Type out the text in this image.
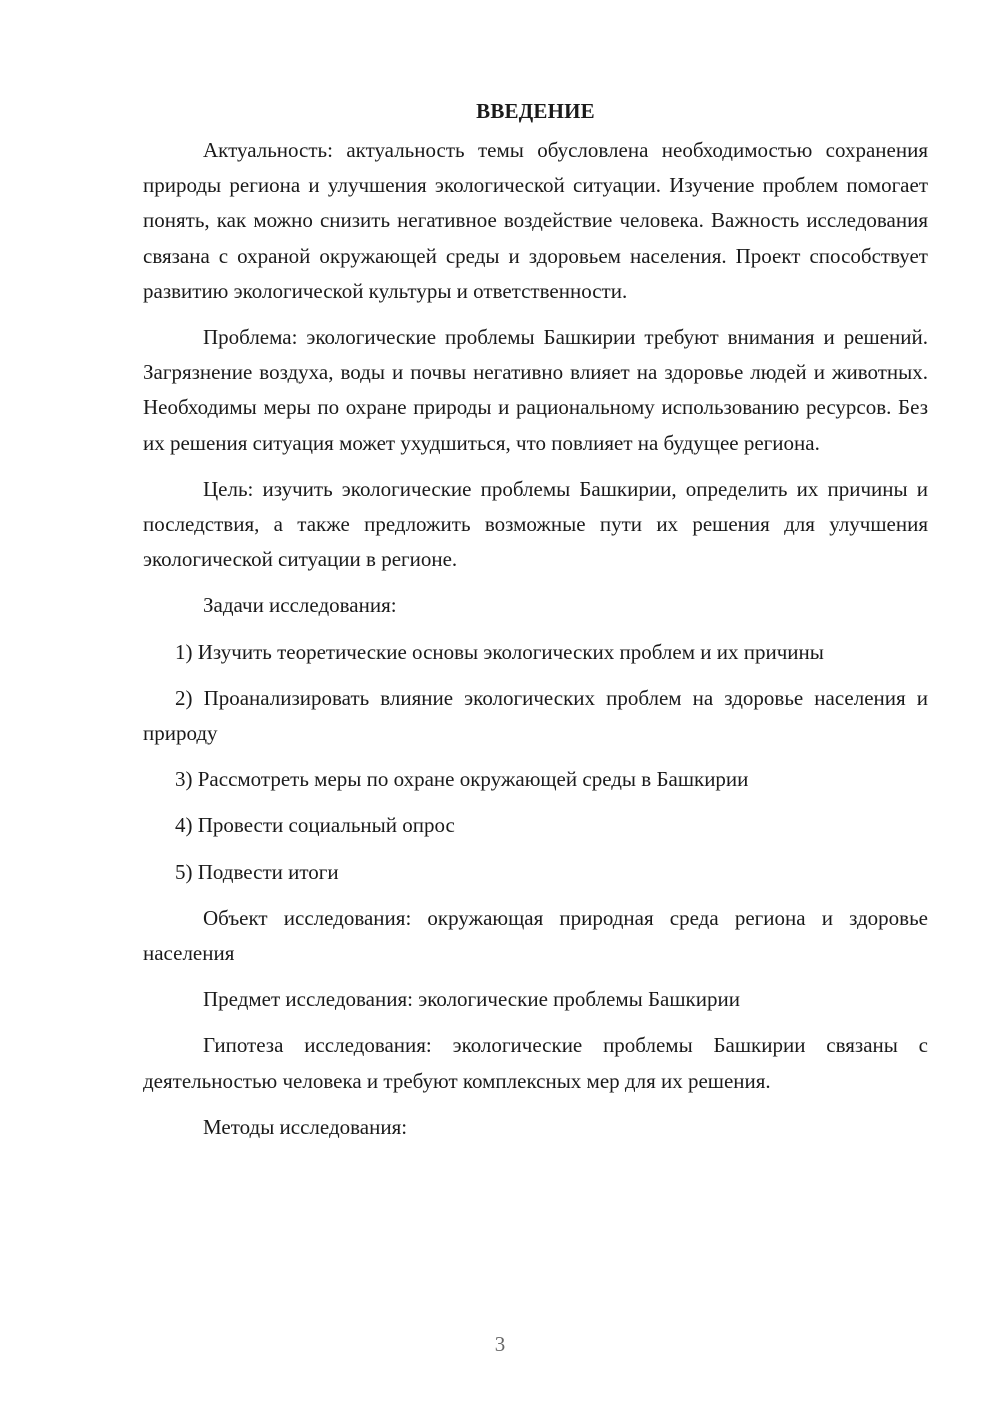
ВВЕДЕНИЕ

Актуальность: актуальность темы обусловлена необходимостью сохранения природы региона и улучшения экологической ситуации. Изучение проблем помогает понять, как можно снизить негативное воздействие человека. Важность исследования связана с охраной окружающей среды и здоровьем населения. Проект способствует развитию экологической культуры и ответственности.

Проблема: экологические проблемы Башкирии требуют внимания и решений. Загрязнение воздуха, воды и почвы негативно влияет на здоровье людей и животных. Необходимы меры по охране природы и рациональному использованию ресурсов. Без их решения ситуация может ухудшиться, что повлияет на будущее региона.

Цель: изучить экологические проблемы Башкирии, определить их причины и последствия, а также предложить возможные пути их решения для улучшения экологической ситуации в регионе.

Задачи исследования:

1) Изучить теоретические основы экологических проблем и их причины

2) Проанализировать влияние экологических проблем на здоровье населения и природу

3) Рассмотреть меры по охране окружающей среды в Башкирии

4) Провести социальный опрос

5) Подвести итоги

Объект исследования: окружающая природная среда региона и здоровье населения

Предмет исследования: экологические проблемы Башкирии

Гипотеза исследования: экологические проблемы Башкирии связаны с деятельностью человека и требуют комплексных мер для их решения.

Методы исследования:

3
